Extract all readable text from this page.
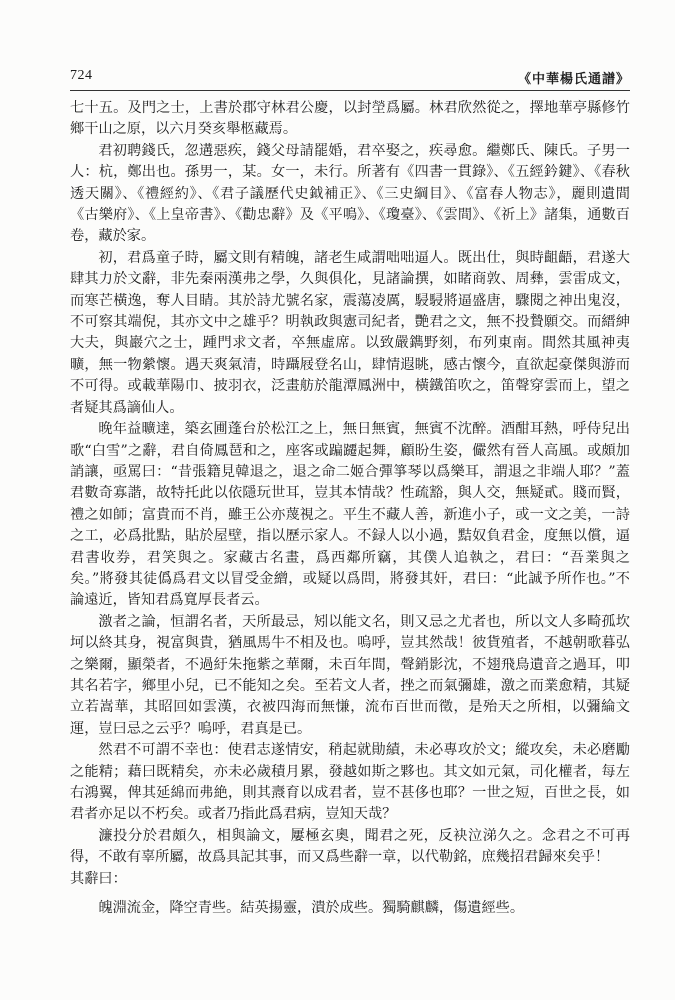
724	《中華楊氏通譜》

七十五。及門之士，上書於郡守林君公慶，以封塋爲屬。林君欣然從之，擇地華亭縣修竹鄉干山之原，以六月癸亥舉柩藏焉。

君初聘錢氏，忽遘惡疾，錢父母請罷婚，君卒娶之，疾尋愈。繼鄭氏、陳氏。子男一人：杭，鄭出也。孫男一，某。女一，未行。所著有《四書一貫錄》、《五經鈐鍵》、《春秋透天關》、《禮經約》、《君子議歷代史鉞補正》、《三史綱目》、《富春人物志》，麗則遺間《古樂府》、《上皇帝書》、《勸忠辭》及《平鳴》、《瓊臺》、《雲間》、《祈上》諸集，通數百卷，藏於家。

初，君爲童子時，屬文則有精魄，諸老生咸謂咄咄逼人。既出仕，與時齟齬，君遂大肆其力於文辭，非先秦兩漢弗之學，久與俱化，見諸論撰，如睹商敦、周彝，雲雷成文，而寒芒橫逸，奪人目睛。其於詩尤號名家，震蕩凌厲，駸駸將逼盛唐，驟閱之神出鬼沒，不可察其端倪，其亦文中之雄乎？明執政與憲司紀者，艷君之文，無不投贄願交。而縉紳大夫，與巖穴之士，踵門求文者，卒無虛席。以致嚴鐫野刻，布列東南。間然其風神夷曠，無一物縈懷。遇天爽氣清，時躡屐登名山，肆情遐眺，感古懷今，直欲起豪傑與游而不可得。或載華陽巾、披羽衣，泛畫舫於龍潭鳳洲中，橫鐵笛吹之，笛聲穿雲而上，望之者疑其爲謫仙人。

晚年益曠達，築玄圃蓬台於松江之上，無日無賓，無賓不沈醉。酒酣耳熱，呼侍兒出歌“白雪”之辭，君自倚鳳琶和之，座客或蹁躚起舞，顧盼生姿，儼然有晉人高風。或頗加誚讓，亟罵曰：“昔張籍見韓退之，退之命二姬合彈箏琴以爲樂耳，謂退之非端人耶？”蓋君數奇寡諧，故特托此以依隱玩世耳，豈其本情哉？性疏豁，與人交，無疑貳。賤而賢，禮之如師；富貴而不肖，雖王公亦蔑視之。平生不藏人善，新進小子，或一文之美，一詩之工，必爲批點，貼於屋壁，指以歷示家人。不録人以小過，黠奴負君金，度無以償，逼君書收券，君笑與之。家藏古名畫，爲西鄰所竊，其僕人追執之，君曰：“吾業與之矣。”將發其徒僞爲君文以冒受金繒，或疑以爲問，將發其奸，君曰：“此誠予所作也。”不論遠近，皆知君爲寬厚長者云。

激者之論，恒謂名者，天所最忌，矧以能文名，則又忌之尤者也，所以文人多畸孤坎坷以終其身，視富與貴，猶風馬牛不相及也。嗚呼，豈其然哉！彼貨殖者，不越朝歌暮弘之樂爾，顯榮者，不過紆朱拖紫之華爾，未百年間，聲銷影沈，不翅飛鳥遺音之過耳，叩其名若字，鄉里小兒，已不能知之矣。至若文人者，挫之而氣彌雄，激之而業愈精，其疑立若嵩華，其昭回如雲漢，衣被四海而無慊，流布百世而徵，是殆天之所相，以彌綸文運，豈曰忌之云乎？嗚呼，君真是已。

然君不可謂不幸也：使君志遂情安，稍起就勛績，未必專攻於文；縱攻矣，未必磨勵之能精；藉曰既精矣，亦未必歲積月累，發越如斯之夥也。其文如元氣，司化權者，每左右鴻翼，俾其延綿而弗絶，則其燾育以成君者，豈不甚侈也耶？一世之短，百世之長，如君者亦足以不朽矣。或者乃指此爲君病，豈知天哉？

濂投分於君頗久，相與論文，屢極玄奧，聞君之死，反袂泣涕久之。念君之不可再得，不敢有辜所屬，故爲具記其事，而又爲些辭一章，以代勒銘，庶幾招君歸來矣乎！

其辭曰：

魄淵流金，降空青些。結英揚靈，潰於成些。獨騎麒麟，傷遺經些。
